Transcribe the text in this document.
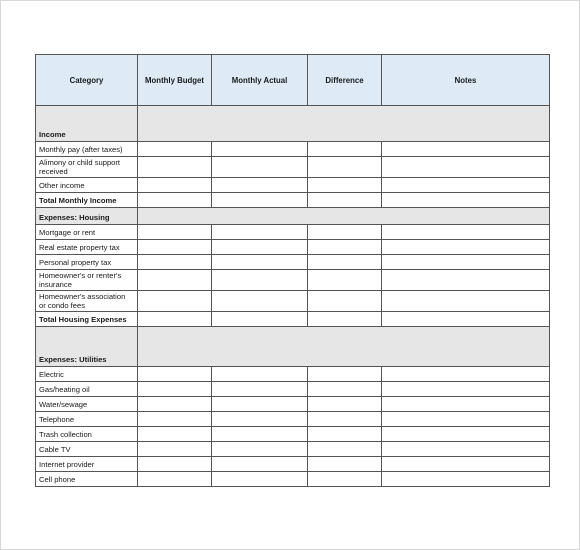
Category	Monthly Budget	Monthly Actual	Difference	Notes
Income				
Monthly pay (after taxes)				
Alimony or child support received				
Other income				
Total Monthly Income				
Expenses: Housing				
Mortgage or rent				
Real estate property tax				
Personal property tax				
Homeowner's or renter's insurance				
Homeowner's association or condo fees				
Total Housing Expenses				
Expenses: Utilities				
Electric				
Gas/heating oil				
Water/sewage				
Telephone				
Trash collection				
Cable TV				
Internet provider				
Cell phone				
